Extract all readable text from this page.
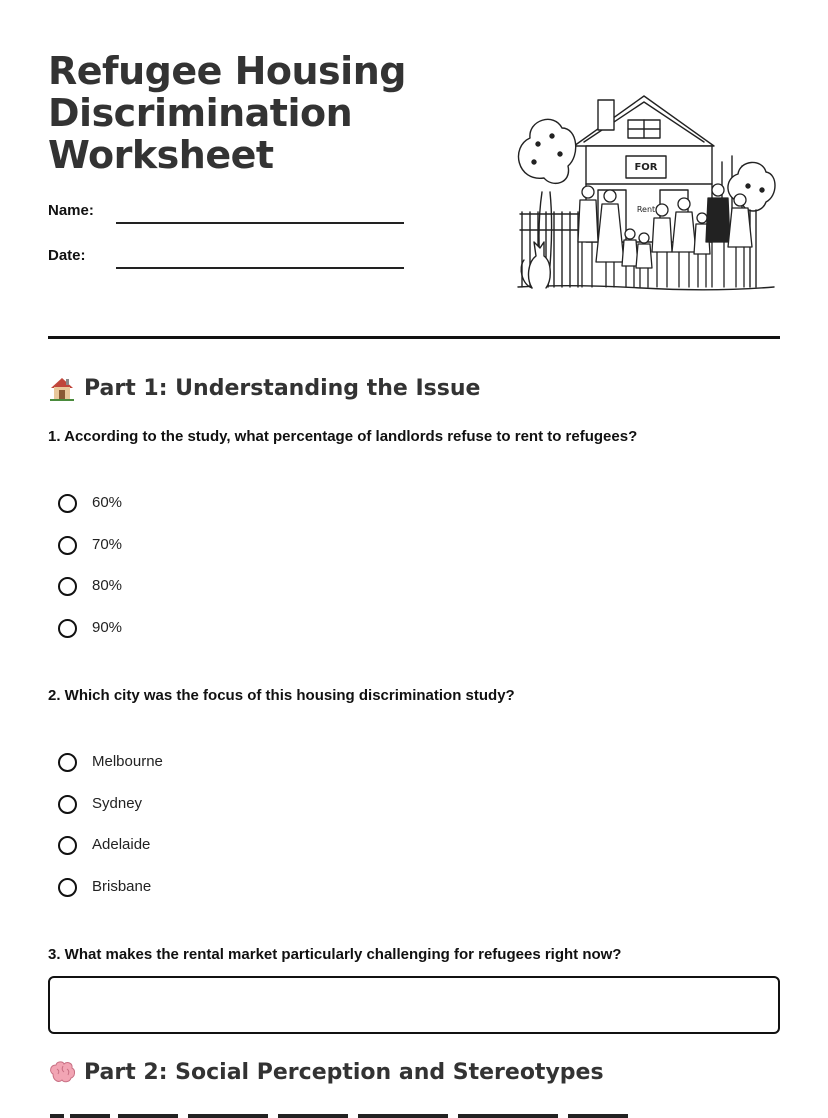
Refugee Housing
Discrimination
Worksheet
Name:
Date:
FOR
Rent
Part 1: Understanding the Issue
1. According to the study, what percentage of landlords refuse to rent to refugees?
60%
70%
80%
90%
2. Which city was the focus of this housing discrimination study?
Melbourne
Sydney
Adelaide
Brisbane
3. What makes the rental market particularly challenging for refugees right now?
Part 2: Social Perception and Stereotypes
